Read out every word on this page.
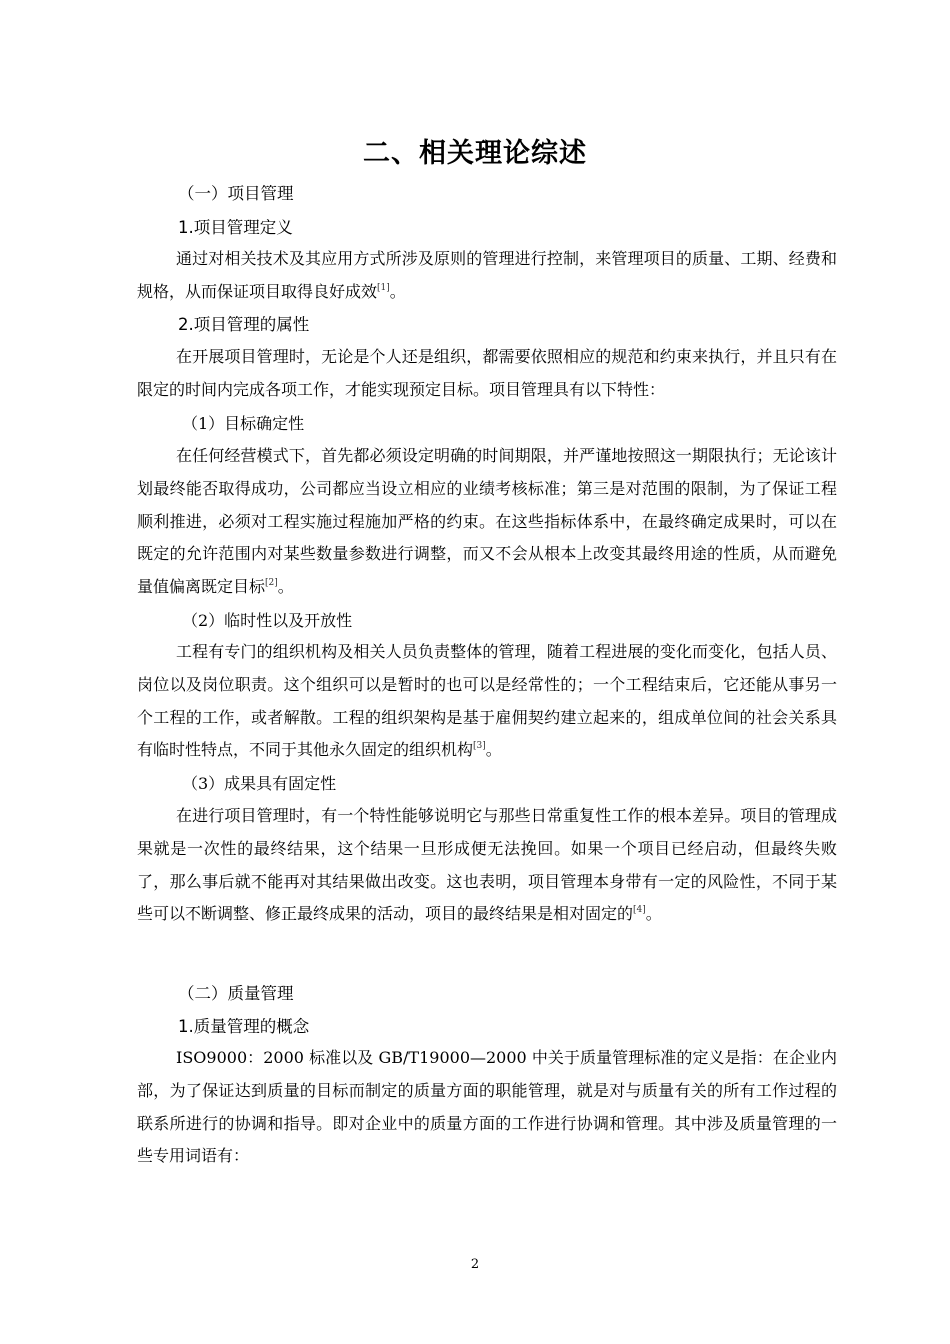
二、相关理论综述
（一）项目管理
1.项目管理定义
通过对相关技术及其应用方式所涉及原则的管理进行控制，来管理项目的质量、工期、经费和规格，从而保证项目取得良好成效[1]。
2.项目管理的属性
在开展项目管理时，无论是个人还是组织，都需要依照相应的规范和约束来执行，并且只有在限定的时间内完成各项工作，才能实现预定目标。项目管理具有以下特性：
（1）目标确定性
在任何经营模式下，首先都必须设定明确的时间期限，并严谨地按照这一期限执行；无论该计划最终能否取得成功，公司都应当设立相应的业绩考核标准；第三是对范围的限制，为了保证工程顺利推进，必须对工程实施过程施加严格的约束。在这些指标体系中，在最终确定成果时，可以在既定的允许范围内对某些数量参数进行调整，而又不会从根本上改变其最终用途的性质，从而避免量值偏离既定目标[2]。
（2）临时性以及开放性
工程有专门的组织机构及相关人员负责整体的管理，随着工程进展的变化而变化，包括人员、岗位以及岗位职责。这个组织可以是暂时的也可以是经常性的；一个工程结束后，它还能从事另一个工程的工作，或者解散。工程的组织架构是基于雇佣契约建立起来的，组成单位间的社会关系具有临时性特点，不同于其他永久固定的组织机构[3]。
（3）成果具有固定性
在进行项目管理时，有一个特性能够说明它与那些日常重复性工作的根本差异。项目的管理成果就是一次性的最终结果，这个结果一旦形成便无法挽回。如果一个项目已经启动，但最终失败了，那么事后就不能再对其结果做出改变。这也表明，项目管理本身带有一定的风险性，不同于某些可以不断调整、修正最终成果的活动，项目的最终结果是相对固定的[4]。
（二）质量管理
1.质量管理的概念
ISO9000：2000 标准以及 GB/T19000—2000 中关于质量管理标准的定义是指：在企业内部，为了保证达到质量的目标而制定的质量方面的职能管理，就是对与质量有关的所有工作过程的联系所进行的协调和指导。即对企业中的质量方面的工作进行协调和管理。其中涉及质量管理的一些专用词语有：
2
